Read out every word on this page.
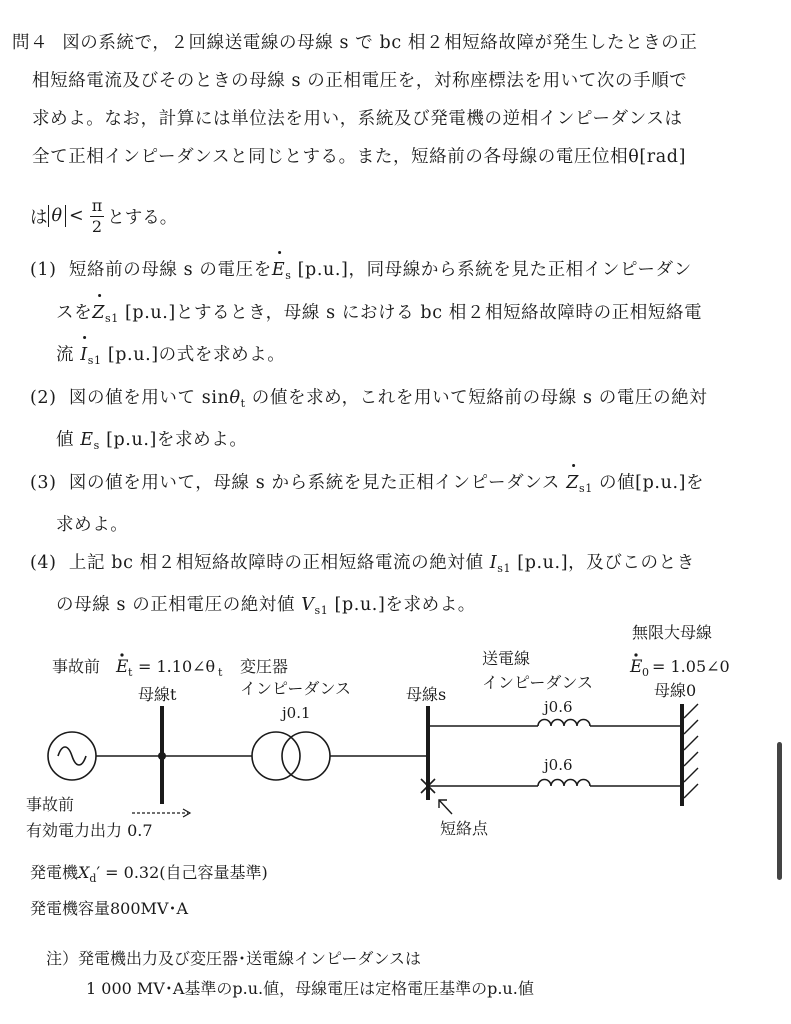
問４ 図の系統で，２回線送電線の母線 s で bc 相２相短絡故障が発生したときの正
相短絡電流及びそのときの母線 s の正相電圧を，対称座標法を用いて次の手順で
求めよ。なお，計算には単位法を用い，系統及び発電機の逆相インピーダンスは
全て正相インピーダンスと同じとする。また，短絡前の各母線の電圧位相θ[rad]
は $\theta < \frac{\pi}{2}$ とする。
(1) 短絡前の母線 s の電圧を$E_s$ [p.u.]，同母線から系統を見た正相インピーダン
スを$Z_{s1}$ [p.u.]とするとき，母線 s における bc 相２相短絡故障時の正相短絡電
流 $I_{s1}$ [p.u.]の式を求めよ。
(2) 図の値を用いて sinθ$_t$ の値を求め，これを用いて短絡前の母線 s の電圧の絶対
値 $E_s$ [p.u.]を求めよ。
(3) 図の値を用いて，母線 s から系統を見た正相インピーダンス $Z_{s1}$ の値[p.u.]を
求めよ。
(4) 上記 bc 相２相短絡故障時の正相短絡電流の絶対値 $I_{s1}$ [p.u.]，及びこのとき
の母線 s の正相電圧の絶対値 $V_{s1}$ [p.u.]を求めよ。
無限大母線
事故前 E t = 1.10∠θ t
母線t
変圧器
インピーダンス
j0.1
母線s
送電線
インピーダンス
E 0 = 1.05∠0
母線0
j0.6
j0.6
短絡点
事故前
有効電力出力 0.7
発電機$X_d' = 0.32$(自己容量基準)
発電機容量800MV･A
注）発電機出力及び変圧器･送電線インピーダンスは
1 000 MV･A基準のp.u.値，母線電圧は定格電圧基準のp.u.値
